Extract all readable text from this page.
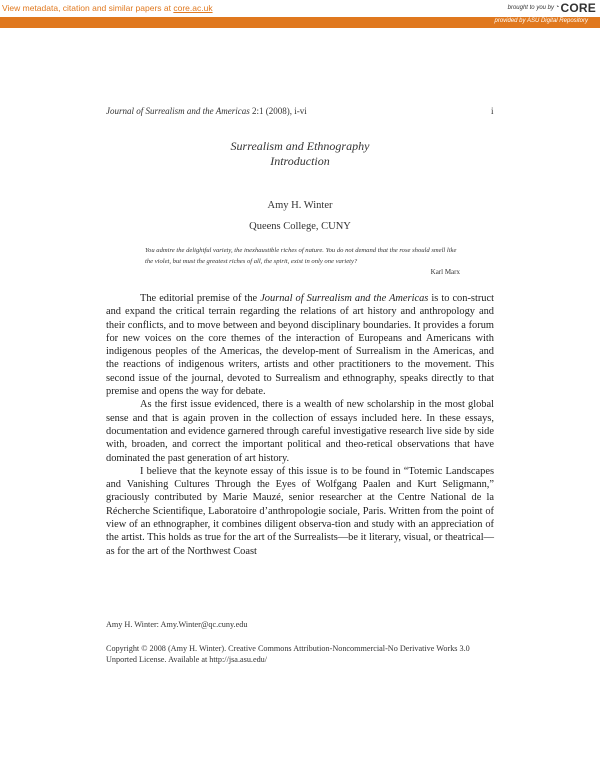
View metadata, citation and similar papers at core.ac.uk	brought to you by ◔CORE
provided by ASU Digital Repository
Journal of Surrealism and the Americas 2:1 (2008), i-vi	i
Surrealism and Ethnography
Introduction
Amy H. Winter
Queens College, CUNY
You admire the delightful variety, the inexhaustible riches of nature. You do not demand that the rose should smell like the violet, but must the greatest riches of all, the spirit, exist in only one variety?
Karl Marx

The editorial premise of the Journal of Surrealism and the Americas is to con-struct and expand the critical terrain regarding the relations of art history and anthropology and their conflicts, and to move between and beyond disciplinary boundaries. It provides a forum for new voices on the core themes of the interaction of Europeans and Americans with indigenous peoples of the Americas, the develop-ment of Surrealism in the Americas, and the reactions of indigenous writers, artists and other practitioners to the movement. This second issue of the journal, devoted to Surrealism and ethnography, speaks directly to that premise and opens the way for debate.

As the first issue evidenced, there is a wealth of new scholarship in the most global sense and that is again proven in the collection of essays included here. In these essays, documentation and evidence garnered through careful investigative research live side by side with, broaden, and correct the important political and theo-retical observations that have dominated the past generation of art history.

I believe that the keynote essay of this issue is to be found in “Totemic Landscapes and Vanishing Cultures Through the Eyes of Wolfgang Paalen and Kurt Seligmann,” graciously contributed by Marie Mauzé, senior researcher at the Centre National de la Récherche Scientifique, Laboratoire d’anthropologie sociale, Paris. Written from the point of view of an ethnographer, it combines diligent observa-tion and study with an appreciation of the artist. This holds as true for the art of the Surrealists—be it literary, visual, or theatrical—as for the art of the Northwest Coast

Amy H. Winter: Amy.Winter@qc.cuny.edu
Copyright © 2008 (Amy H. Winter). Creative Commons Attribution-Noncommercial-No Derivative Works 3.0 Unported License. Available at http://jsa.asu.edu/
